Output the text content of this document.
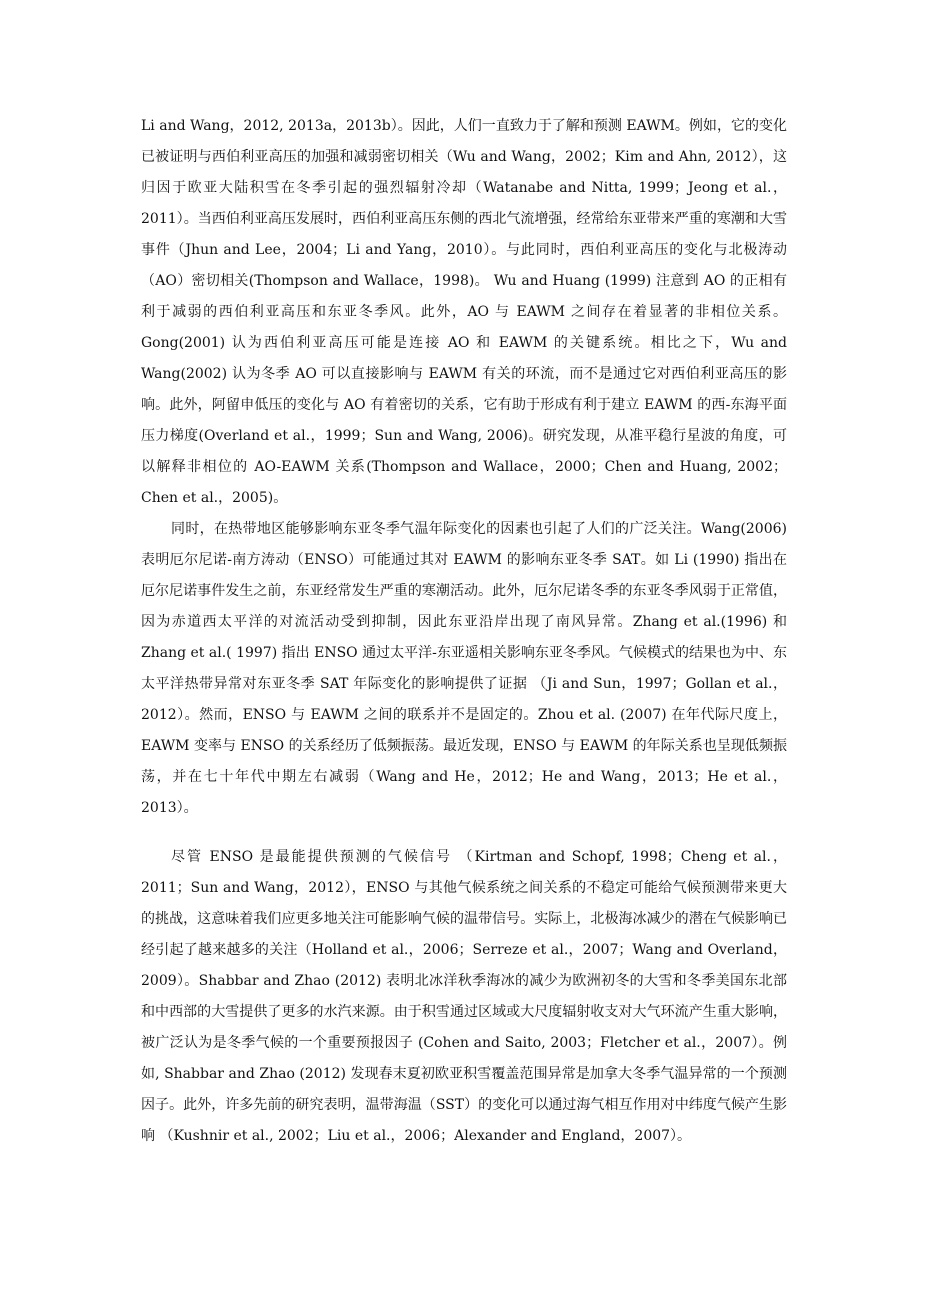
Li and Wang，2012, 2013a，2013b）。因此，人们一直致力于了解和预测 EAWM。例如，它的变化已被证明与西伯利亚高压的加强和减弱密切相关（Wu and Wang，2002；Kim and Ahn, 2012），这归因于欧亚大陆积雪在冬季引起的强烈辐射冷却（Watanabe and Nitta, 1999；Jeong et al.，2011）。当西伯利亚高压发展时，西伯利亚高压东侧的西北气流增强，经常给东亚带来严重的寒潮和大雪事件（Jhun and Lee，2004；Li and Yang，2010）。与此同时，西伯利亚高压的变化与北极涛动（AO）密切相关(Thompson and Wallace，1998)。 Wu and Huang (1999) 注意到 AO 的正相有利于减弱的西伯利亚高压和东亚冬季风。此外，AO 与 EAWM 之间存在着显著的非相位关系。Gong(2001) 认为西伯利亚高压可能是连接 AO 和 EAWM 的关键系统。相比之下，Wu and Wang(2002) 认为冬季 AO 可以直接影响与 EAWM 有关的环流，而不是通过它对西伯利亚高压的影响。此外，阿留申低压的变化与 AO 有着密切的关系，它有助于形成有利于建立 EAWM 的西-东海平面压力梯度(Overland et al.，1999；Sun and Wang, 2006)。研究发现，从准平稳行星波的角度，可以解释非相位的 AO-EAWM 关系(Thompson and Wallace，2000；Chen and Huang, 2002；Chen et al.，2005)。

同时，在热带地区能够影响东亚冬季气温年际变化的因素也引起了人们的广泛关注。Wang(2006) 表明厄尔尼诺-南方涛动（ENSO）可能通过其对 EAWM 的影响东亚冬季 SAT。如 Li (1990) 指出在厄尔尼诺事件发生之前，东亚经常发生严重的寒潮活动。此外，厄尔尼诺冬季的东亚冬季风弱于正常值，因为赤道西太平洋的对流活动受到抑制，因此东亚沿岸出现了南风异常。Zhang et al.(1996) 和 Zhang et al.( 1997) 指出 ENSO 通过太平洋-东亚遥相关影响东亚冬季风。气候模式的结果也为中、东太平洋热带异常对东亚冬季 SAT 年际变化的影响提供了证据 （Ji and Sun，1997；Gollan et al.，2012）。然而，ENSO 与 EAWM 之间的联系并不是固定的。Zhou et al. (2007) 在年代际尺度上，EAWM 变率与 ENSO 的关系经历了低频振荡。最近发现，ENSO 与 EAWM 的年际关系也呈现低频振荡，并在七十年代中期左右减弱（Wang and He，2012；He and Wang，2013；He et al.，2013）。

尽管 ENSO 是最能提供预测的气候信号 （Kirtman and Schopf, 1998；Cheng et al.，2011；Sun and Wang，2012），ENSO 与其他气候系统之间关系的不稳定可能给气候预测带来更大的挑战，这意味着我们应更多地关注可能影响气候的温带信号。实际上，北极海冰减少的潜在气候影响已经引起了越来越多的关注（Holland et al.，2006；Serreze et al.，2007；Wang and Overland，2009）。Shabbar and Zhao (2012) 表明北冰洋秋季海冰的减少为欧洲初冬的大雪和冬季美国东北部和中西部的大雪提供了更多的水汽来源。由于积雪通过区域或大尺度辐射收支对大气环流产生重大影响，被广泛认为是冬季气候的一个重要预报因子 (Cohen and Saito, 2003；Fletcher et al.，2007）。例如, Shabbar and Zhao (2012) 发现春末夏初欧亚积雪覆盖范围异常是加拿大冬季气温异常的一个预测因子。此外，许多先前的研究表明，温带海温（SST）的变化可以通过海气相互作用对中纬度气候产生影响 （Kushnir et al., 2002；Liu et al.，2006；Alexander and England，2007）。
